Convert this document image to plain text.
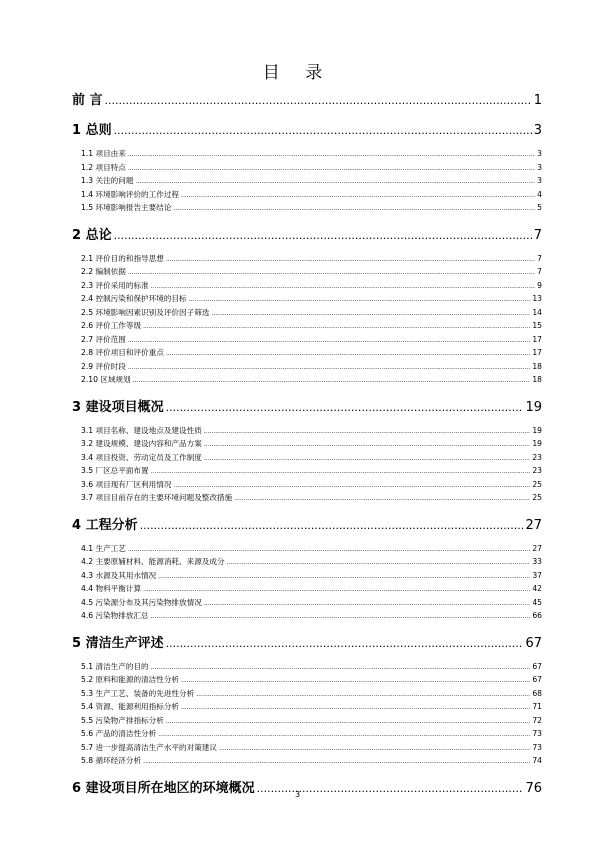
目 录
前 言 .....	1
1 总则 .....	3
1.1 项目由来 .....	3
1.2 项目特点 .....	3
1.3 关注的问题 .....	3
1.4 环境影响评价的工作过程 .....	4
1.5 环境影响报告主要结论 .....	5
2 总论 .....	7
2.1 评价目的和指导思想 .....	7
2.2 编制依据 .....	7
2.3 评价采用的标准 .....	9
2.4 控制污染和保护环境的目标 .....	13
2.5 环境影响因素识别及评价因子筛选 .....	14
2.6 评价工作等级 .....	15
2.7 评价范围 .....	17
2.8 评价项目和评价重点 .....	17
2.9 评价时段 .....	18
2.10 区域规划 .....	18
3 建设项目概况 .....	19
3.1 项目名称、建设地点及建设性质 .....	19
3.2 建设规模、建设内容和产品方案 .....	19
3.4 项目投资、劳动定员及工作制度 .....	23
3.5 厂区总平面布置 .....	23
3.6 项目现有厂区利用情况 .....	25
3.7 项目目前存在的主要环境问题及整改措施 .....	25
4 工程分析 .....	27
4.1 生产工艺 .....	27
4.2 主要原辅材料、能源消耗、来源及成分 .....	33
4.3 水源及其用水情况 .....	37
4.4 物料平衡计算 .....	42
4.5 污染源分布及其污染物排放情况 .....	45
4.6 污染物排放汇总 .....	66
5 清洁生产评述 .....	67
5.1 清洁生产的目的 .....	67
5.2 原料和能源的清洁性分析 .....	67
5.3 生产工艺、装备的先进性分析 .....	68
5.4 资源、能源利用指标分析 .....	71
5.5 污染物产排指标分析 .....	72
5.6 产品的清洁性分析 .....	73
5.7 进一步提高清洁生产水平的对策建议 .....	73
5.8 循环经济分析 .....	74
6 建设项目所在地区的环境概况 .....	76
3
